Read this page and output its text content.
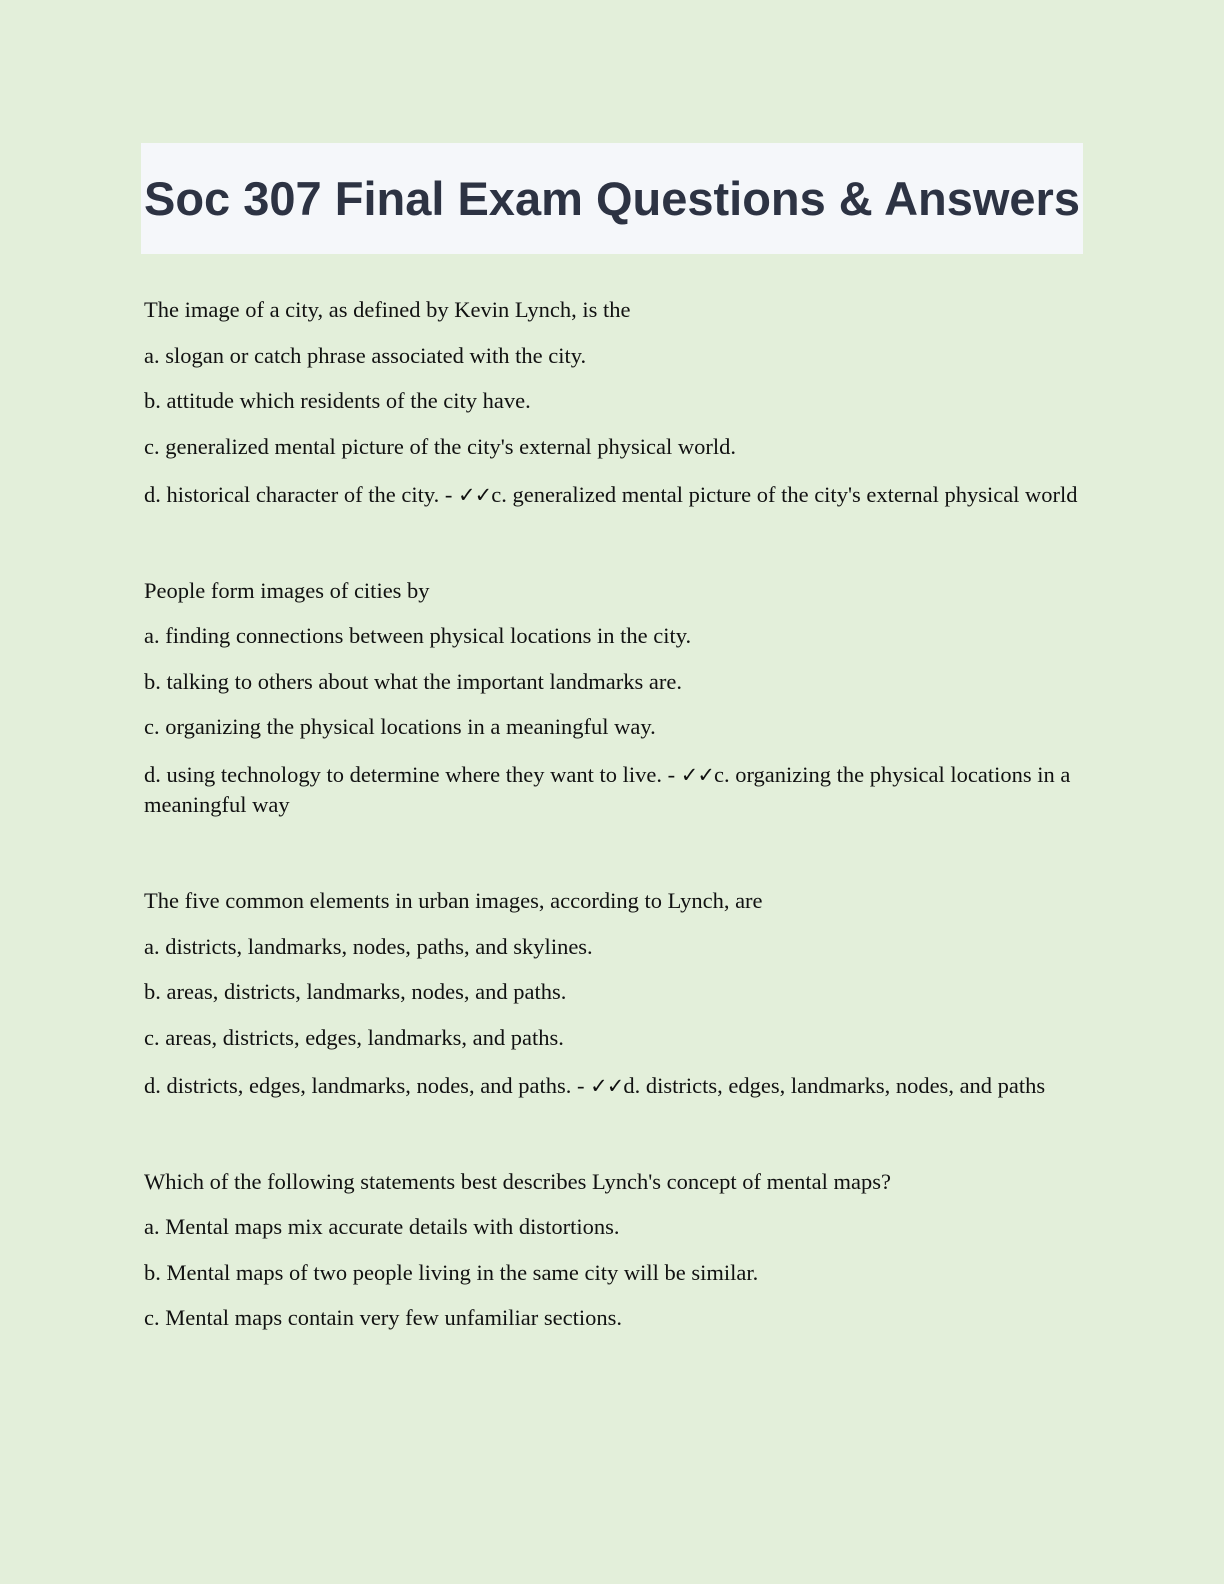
Soc 307 Final Exam Questions & Answers

The image of a city, as defined by Kevin Lynch, is the

a. slogan or catch phrase associated with the city.

b. attitude which residents of the city have.

c. generalized mental picture of the city's external physical world.

d. historical character of the city. - ✓✓c. generalized mental picture of the city's external physical world

People form images of cities by

a. finding connections between physical locations in the city.

b. talking to others about what the important landmarks are.

c. organizing the physical locations in a meaningful way.

d. using technology to determine where they want to live. - ✓✓c. organizing the physical locations in a meaningful way

The five common elements in urban images, according to Lynch, are

a. districts, landmarks, nodes, paths, and skylines.

b. areas, districts, landmarks, nodes, and paths.

c. areas, districts, edges, landmarks, and paths.

d. districts, edges, landmarks, nodes, and paths. - ✓✓d. districts, edges, landmarks, nodes, and paths

Which of the following statements best describes Lynch's concept of mental maps?

a. Mental maps mix accurate details with distortions.

b. Mental maps of two people living in the same city will be similar.

c. Mental maps contain very few unfamiliar sections.
